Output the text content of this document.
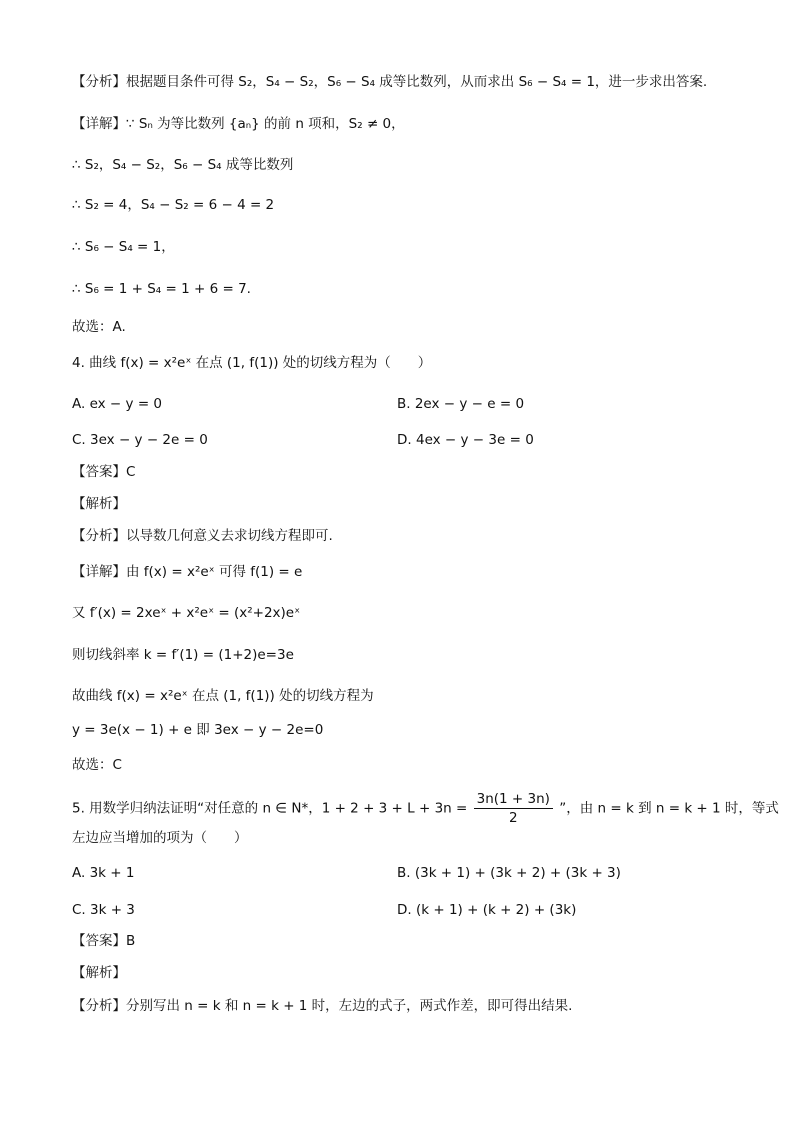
【分析】根据题目条件可得 S₂，S₄ − S₂，S₆ − S₄ 成等比数列，从而求出 S₆ − S₄ = 1，进一步求出答案.
【详解】∵ Sₙ 为等比数列 {aₙ} 的前 n 项和，S₂ ≠ 0，
∴ S₂，S₄ − S₂，S₆ − S₄ 成等比数列
∴ S₂ = 4，S₄ − S₂ = 6 − 4 = 2
∴ S₆ − S₄ = 1，
∴ S₆ = 1 + S₄ = 1 + 6 = 7.
故选：A.
4. 曲线 f(x) = x²eˣ 在点 (1, f(1)) 处的切线方程为（　　）
A. ex − y = 0	B. 2ex − y − e = 0
C. 3ex − y − 2e = 0	D. 4ex − y − 3e = 0
【答案】C
【解析】
【分析】以导数几何意义去求切线方程即可.
【详解】由 f(x) = x²eˣ 可得 f(1) = e
又 f′(x) = 2xeˣ + x²eˣ = (x²+2x)eˣ
则切线斜率 k = f′(1) = (1+2)e=3e
故曲线 f(x) = x²eˣ 在点 (1, f(1)) 处的切线方程为
y = 3e(x − 1) + e 即 3ex − y − 2e=0
故选：C
5. 用数学归纳法证明“对任意的 n ∈ N*，$1 + 2 + 3 + L + 3n = \frac{3n(1 + 3n)}{2}$ ”，由 n = k 到 n = k + 1 时，等式
左边应当增加的项为（　　）
A. 3k + 1	B. (3k + 1) + (3k + 2) + (3k + 3)
C. 3k + 3	D. (k + 1) + (k + 2) + (3k)
【答案】B
【解析】
【分析】分别写出 n = k 和 n = k + 1 时，左边的式子，两式作差，即可得出结果.
